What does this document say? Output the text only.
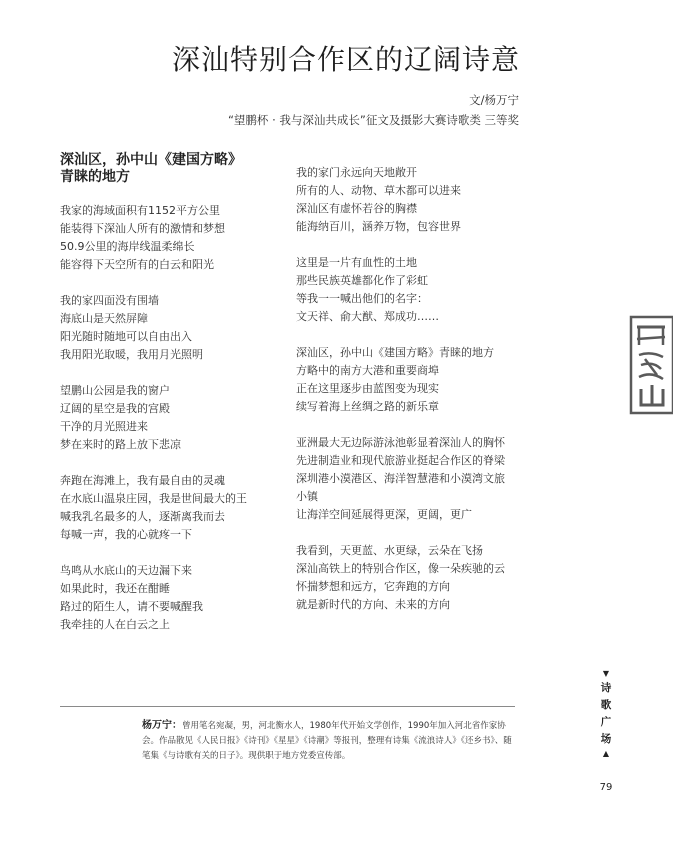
深汕特别合作区的辽阔诗意
文/杨万宁
“望鹏杯 · 我与深汕共成长”征文及摄影大赛诗歌类 三等奖
深汕区，孙中山《建国方略》
青睐的地方
我家的海域面积有1152平方公里
能装得下深汕人所有的激情和梦想
50.9公里的海岸线温柔绵长
能容得下天空所有的白云和阳光
我的家四面没有围墙
海底山是天然屏障
阳光随时随地可以自由出入
我用阳光取暖，我用月光照明
望鹏山公园是我的窗户
辽阔的星空是我的宫殿
干净的月光照进来
梦在来时的路上放下悲凉
奔跑在海滩上，我有最自由的灵魂
在水底山温泉庄园，我是世间最大的王
喊我乳名最多的人，逐渐离我而去
每喊一声，我的心就疼一下
鸟鸣从水底山的天边漏下来
如果此时，我还在酣睡
路过的陌生人，请不要喊醒我
我牵挂的人在白云之上
我的家门永远向天地敞开
所有的人、动物、草木都可以进来
深汕区有虚怀若谷的胸襟
能海纳百川，涵养万物，包容世界
这里是一片有血性的土地
那些民族英雄都化作了彩虹
等我一一喊出他们的名字：
文天祥、俞大猷、郑成功……
深汕区，孙中山《建国方略》青睐的地方
方略中的南方大港和重要商埠
正在这里逐步由蓝图变为现实
续写着海上丝绸之路的新乐章
亚洲最大无边际游泳池彰显着深汕人的胸怀
先进制造业和现代旅游业挺起合作区的脊梁
深圳港小漠港区、海洋智慧港和小漠湾文旅
小镇
让海洋空间延展得更深，更阔，更广
我看到，天更蓝、水更绿，云朵在飞扬
深汕高铁上的特别合作区，像一朵疾驰的云
怀揣梦想和远方，它奔跑的方向
就是新时代的方向、未来的方向
杨万宁：曾用笔名宛凝，男，河北衡水人，1980年代开始文学创作，1990年加入河北省作家协会。作品散见《人民日报》《诗刊》《星星》《诗潮》等报刊，整理有诗集《流浪诗人》《还乡书》、随笔集《与诗歌有关的日子》。现供职于地方党委宣传部。
▼
诗
歌
广
场
▲
79
